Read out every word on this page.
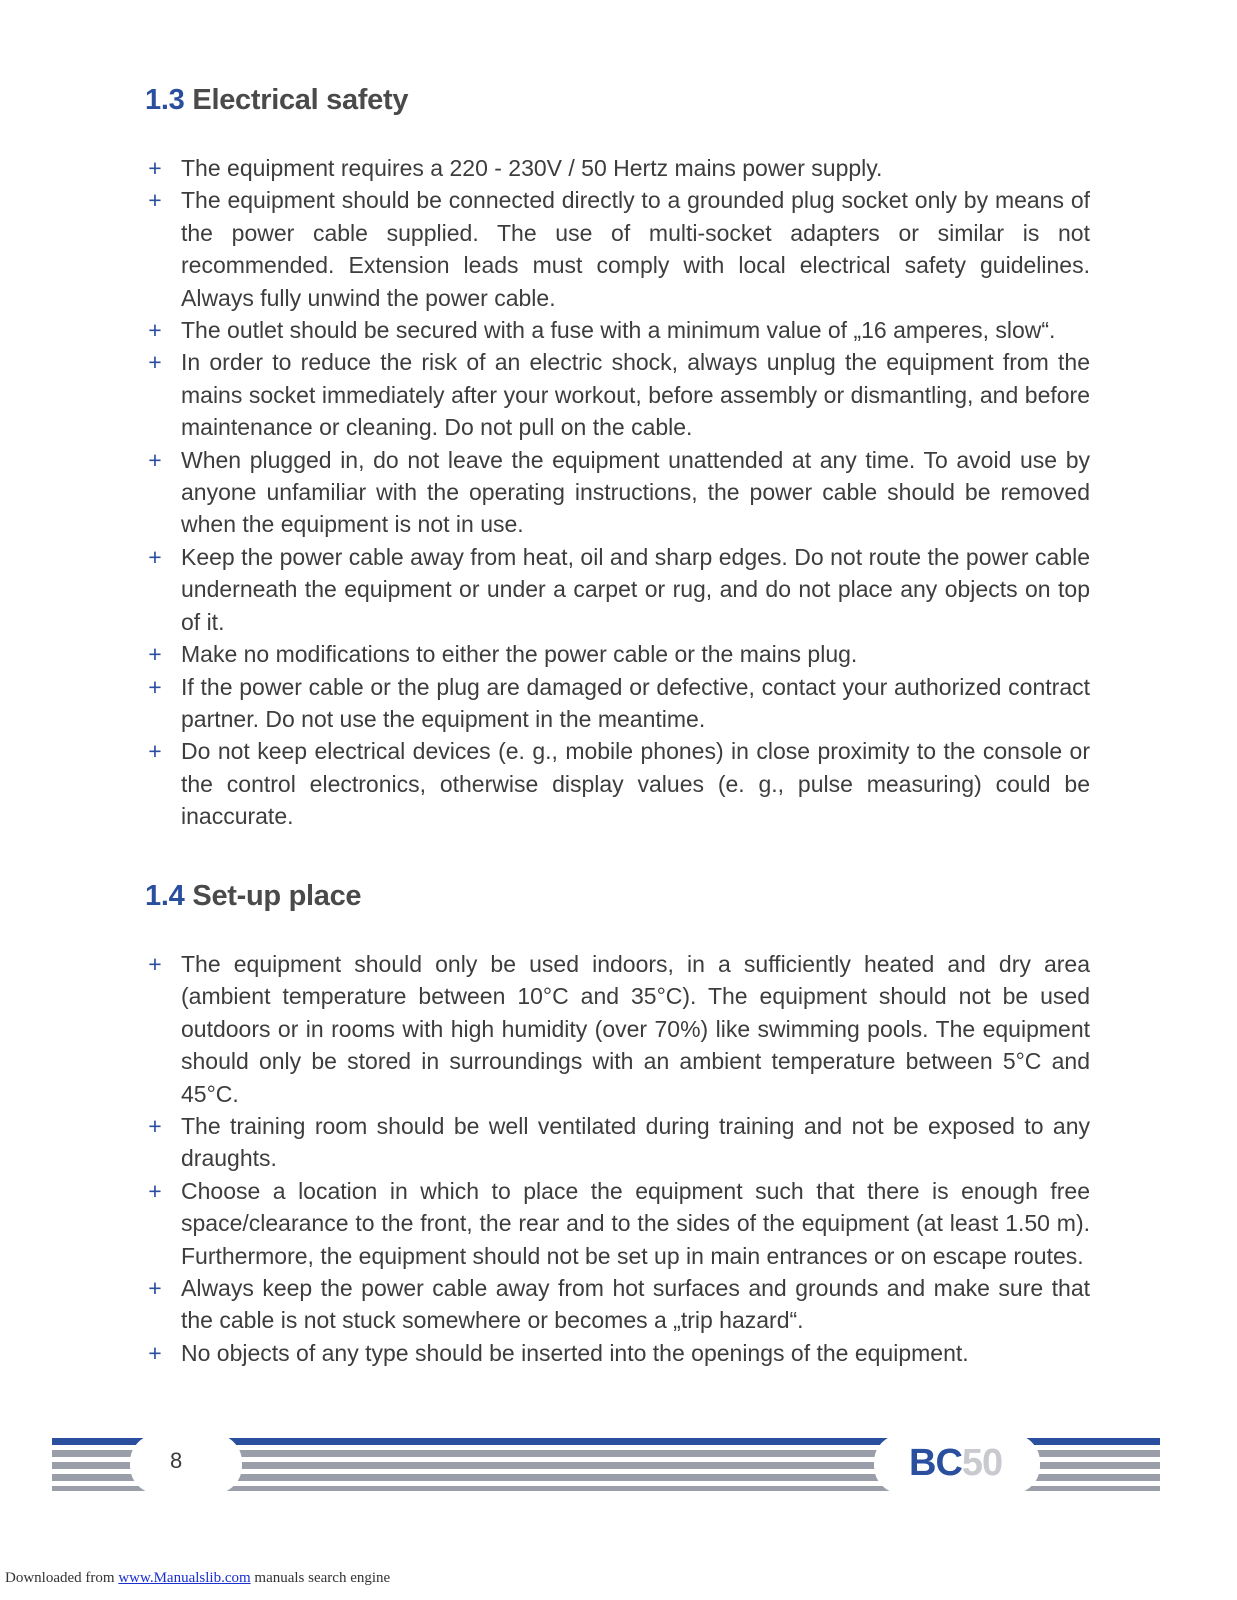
1.3 Electrical safety
+ The equipment requires a 220 - 230V / 50 Hertz mains power supply.
+ The equipment should be connected directly to a grounded plug socket only by means of the power cable supplied. The use of multi-socket adapters or similar is not recommended. Extension leads must comply with local electrical safety guidelines. Always fully unwind the power cable.
+ The outlet should be secured with a fuse with a minimum value of „16 amperes, slow“.
+ In order to reduce the risk of an electric shock, always unplug the equipment from the mains socket immediately after your workout, before assembly or dismantling, and before maintenance or cleaning. Do not pull on the cable.
+ When plugged in, do not leave the equipment unattended at any time. To avoid use by anyone unfamiliar with the operating instructions, the power cable should be removed when the equipment is not in use.
+ Keep the power cable away from heat, oil and sharp edges. Do not route the power cable underneath the equipment or under a carpet or rug, and do not place any objects on top of it.
+ Make no modifications to either the power cable or the mains plug.
+ If the power cable or the plug are damaged or defective, contact your authorized contract partner. Do not use the equipment in the meantime.
+ Do not keep electrical devices (e. g., mobile phones) in close proximity to the console or the control electronics, otherwise display values (e. g., pulse measuring) could be inaccurate.
1.4 Set-up place
+ The equipment should only be used indoors, in a sufficiently heated and dry area (ambient temperature between 10°C and 35°C). The equipment should not be used outdoors or in rooms with high humidity (over 70%) like swimming pools. The equipment should only be stored in surroundings with an ambient temperature between 5°C and 45°C.
+ The training room should be well ventilated during training and not be exposed to any draughts.
+ Choose a location in which to place the equipment such that there is enough free space/clearance to the front, the rear and to the sides of the equipment (at least 1.50 m). Furthermore, the equipment should not be set up in main entrances or on escape routes.
+ Always keep the power cable away from hot surfaces and grounds and make sure that the cable is not stuck somewhere or becomes a „trip hazard“.
+ No objects of any type should be inserted into the openings of the equipment.
8	BC50
Downloaded from www.Manualslib.com manuals search engine
